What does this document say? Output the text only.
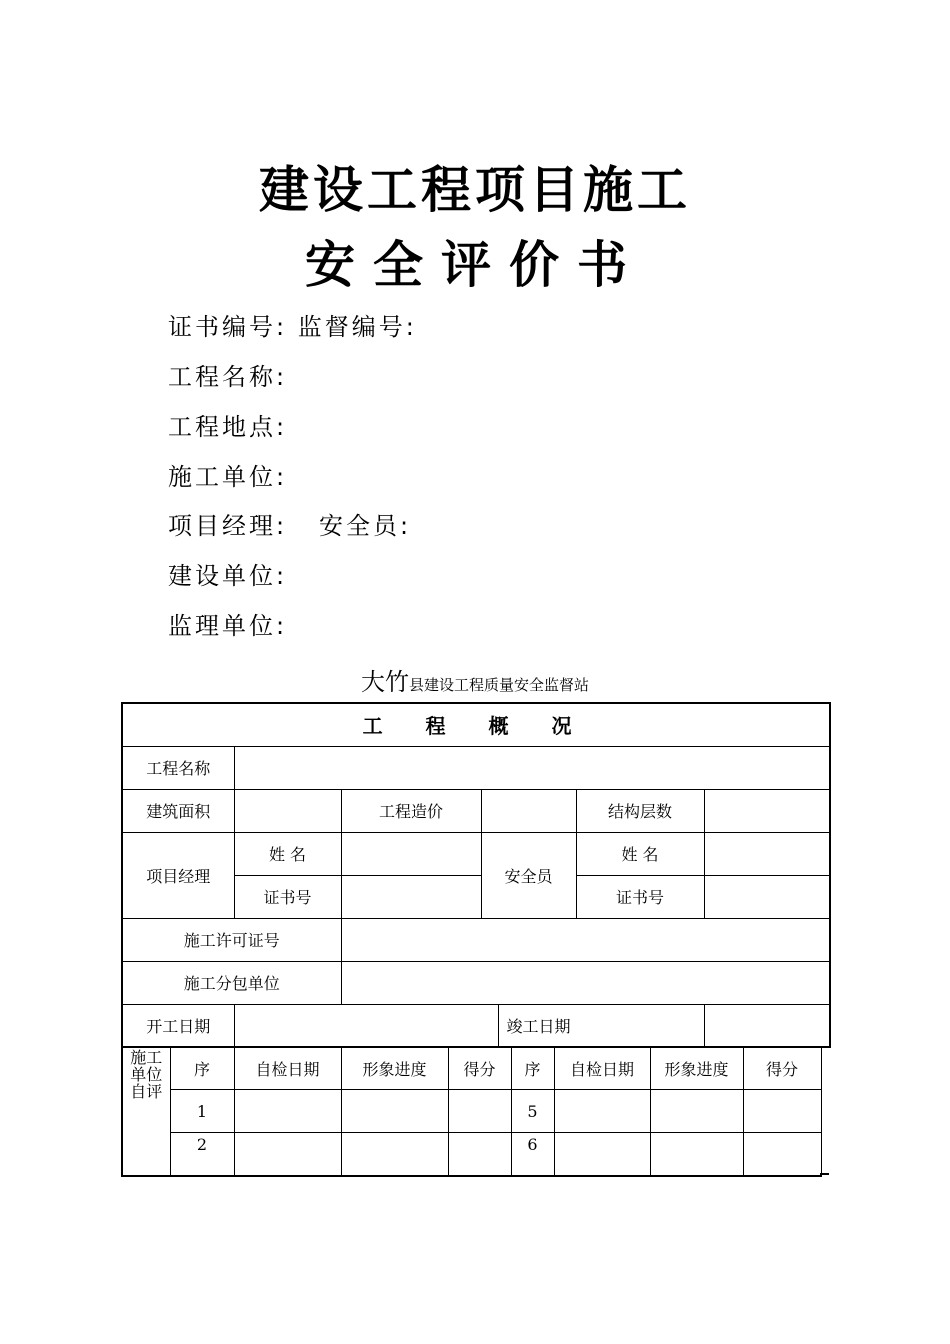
建设工程项目施工
安全评价书
证书编号: 监督编号:
工程名称:
工程地点:
施工单位:
项目经理:   安全员:
建设单位:
监理单位:
大竹县建设工程质量安全监督站
工 程 概 况						
工程名称						
建筑面积		工程造价			结构层数	
项目经理	姓 名		安全员		姓 名	
	证书号				证书号	
施工许可证号						
施工分包单位						
开工日期				竣工日期		
施工单位自评	序	自检日期	形象进度	得分	序	自检日期	形象进度	得分
	1				5			
	2				6			
